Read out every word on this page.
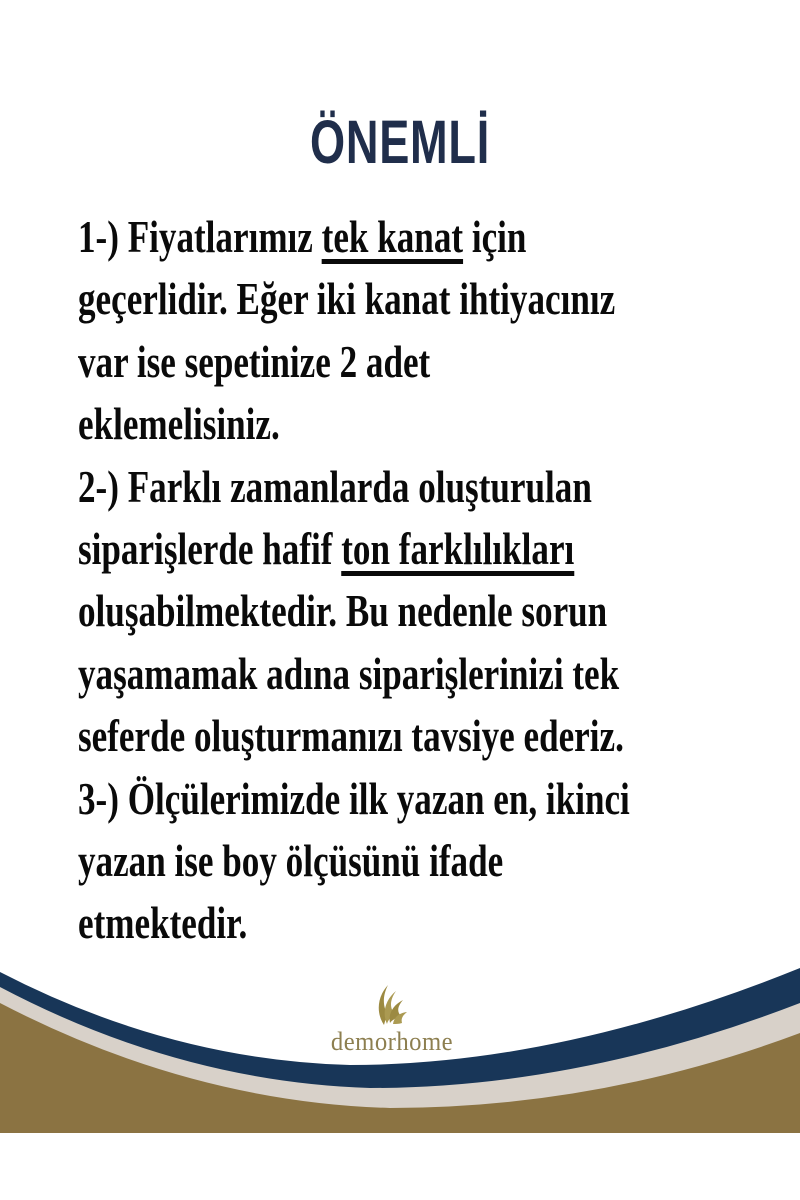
ÖNEMLİ
1-) Fiyatlarımız tek kanat için
geçerlidir. Eğer iki kanat ihtiyacınız
var ise sepetinize 2 adet
eklemelisiniz.
2-) Farklı zamanlarda oluşturulan
siparişlerde hafif ton farklılıkları
oluşabilmektedir. Bu nedenle sorun
yaşamamak adına siparişlerinizi tek
seferde oluşturmanızı tavsiye ederiz.
3-) Ölçülerimizde ilk yazan en, ikinci
yazan ise boy ölçüsünü ifade
etmektedir.
demorhome
